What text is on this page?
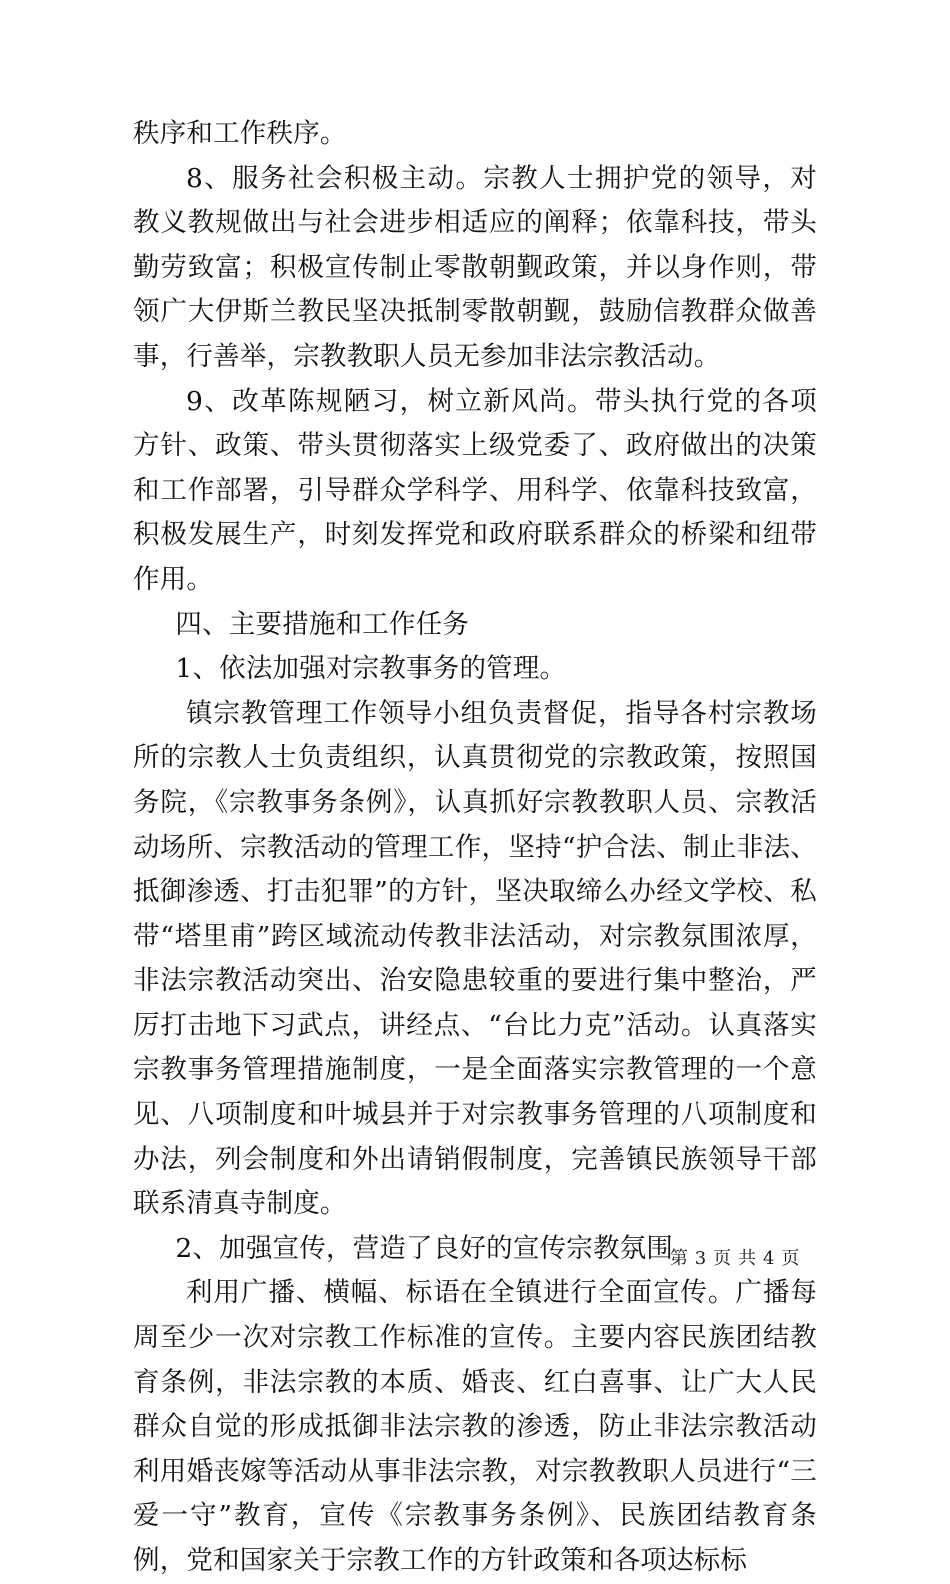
秩序和工作秩序。

8、服务社会积极主动。宗教人士拥护党的领导，对教义教规做出与社会进步相适应的阐释；依靠科技，带头勤劳致富；积极宣传制止零散朝觐政策，并以身作则，带领广大伊斯兰教民坚决抵制零散朝觐，鼓励信教群众做善事，行善举，宗教教职人员无参加非法宗教活动。

9、改革陈规陋习，树立新风尚。带头执行党的各项方针、政策、带头贯彻落实上级党委了、政府做出的决策和工作部署，引导群众学科学、用科学、依靠科技致富，积极发展生产，时刻发挥党和政府联系群众的桥梁和纽带作用。

四、主要措施和工作任务

1、依法加强对宗教事务的管理。

镇宗教管理工作领导小组负责督促，指导各村宗教场所的宗教人士负责组织，认真贯彻党的宗教政策，按照国务院，《宗教事务条例》，认真抓好宗教教职人员、宗教活动场所、宗教活动的管理工作，坚持“护合法、制止非法、抵御渗透、打击犯罪”的方针，坚决取缔么办经文学校、私带“塔里甫”跨区域流动传教非法活动，对宗教氛围浓厚，非法宗教活动突出、治安隐患较重的要进行集中整治，严厉打击地下习武点，讲经点、“台比力克”活动。认真落实宗教事务管理措施制度，一是全面落实宗教管理的一个意见、八项制度和叶城县并于对宗教事务管理的八项制度和办法，列会制度和外出请销假制度，完善镇民族领导干部联系清真寺制度。

2、加强宣传，营造了良好的宣传宗教氛围

利用广播、横幅、标语在全镇进行全面宣传。广播每周至少一次对宗教工作标准的宣传。主要内容民族团结教育条例，非法宗教的本质、婚丧、红白喜事、让广大人民群众自觉的形成抵御非法宗教的渗透，防止非法宗教活动利用婚丧嫁等活动从事非法宗教，对宗教教职人员进行“三爱一守”教育，宣传《宗教事务条例》、民族团结教育条例，党和国家关于宗教工作的方针政策和各项达标标

第 3 页 共 4 页
